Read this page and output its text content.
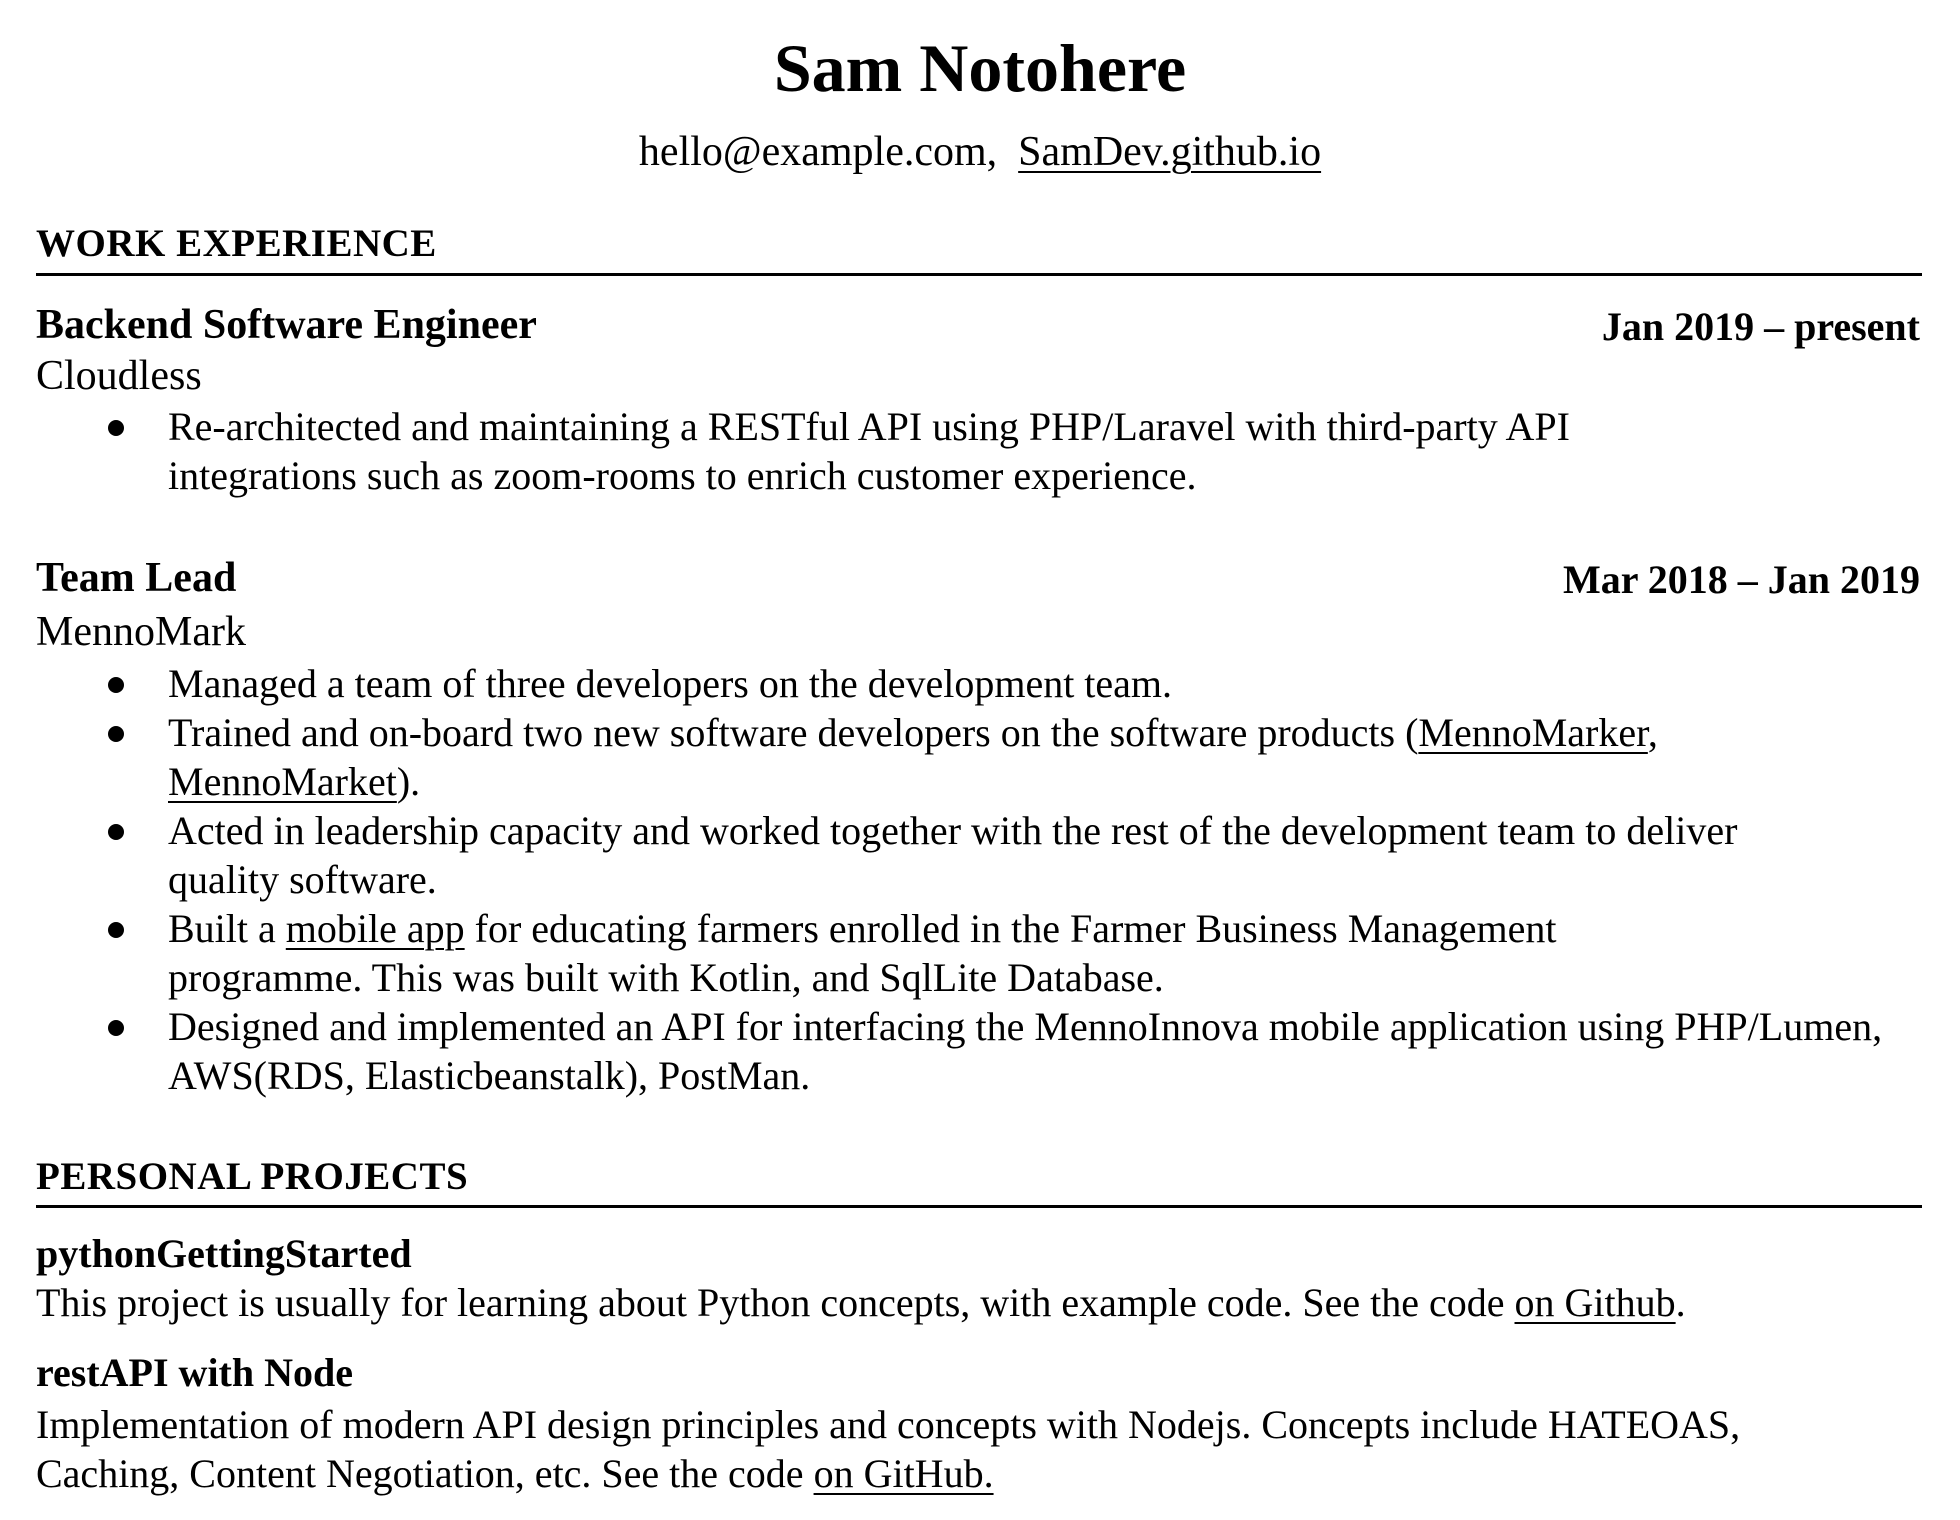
Sam Notohere
hello@example.com, SamDev.github.io
WORK EXPERIENCE
Backend Software Engineer	Jan 2019 – present
Cloudless
Re-architected and maintaining a RESTful API using PHP/Laravel with third-party API integrations such as zoom-rooms to enrich customer experience.
Team Lead	Mar 2018 – Jan 2019
MennoMark
Managed a team of three developers on the development team.
Trained and on-board two new software developers on the software products (MennoMarker,
MennoMarket).
Acted in leadership capacity and worked together with the rest of the development team to deliver quality software.
Built a mobile app for educating farmers enrolled in the Farmer Business Management programme. This was built with Kotlin, and SqlLite Database.
Designed and implemented an API for interfacing the MennoInnova mobile application using PHP/Lumen, AWS(RDS, Elasticbeanstalk), PostMan.
PERSONAL PROJECTS
pythonGettingStarted
This project is usually for learning about Python concepts, with example code. See the code on Github.
restAPI with Node
Implementation of modern API design principles and concepts with Nodejs. Concepts include HATEOAS, Caching, Content Negotiation, etc. See the code on GitHub.
